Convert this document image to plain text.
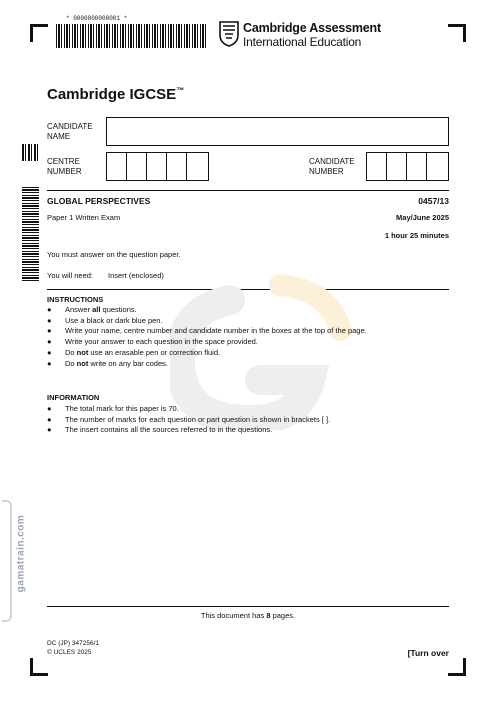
* 0000800000001 *
Cambridge Assessment
International Education
Cambridge IGCSE™
CANDIDATE
NAME
CENTRE
NUMBER
CANDIDATE
NUMBER
GLOBAL PERSPECTIVES	0457/13
Paper 1 Written Exam	May/June 2025
1 hour 25 minutes
You must answer on the question paper.
You will need: Insert (enclosed)
INSTRUCTIONS
● Answer all questions.
● Use a black or dark blue pen.
● Write your name, centre number and candidate number in the boxes at the top of the page.
● Write your answer to each question in the space provided.
● Do not use an erasable pen or correction fluid.
● Do not write on any bar codes.
INFORMATION
● The total mark for this paper is 70.
● The number of marks for each question or part question is shown in brackets [ ].
● The insert contains all the sources referred to in the questions.
gamatrain.com
This document has 8 pages.
DC (JP) 347256/1
© UCLES 2025	[Turn over
